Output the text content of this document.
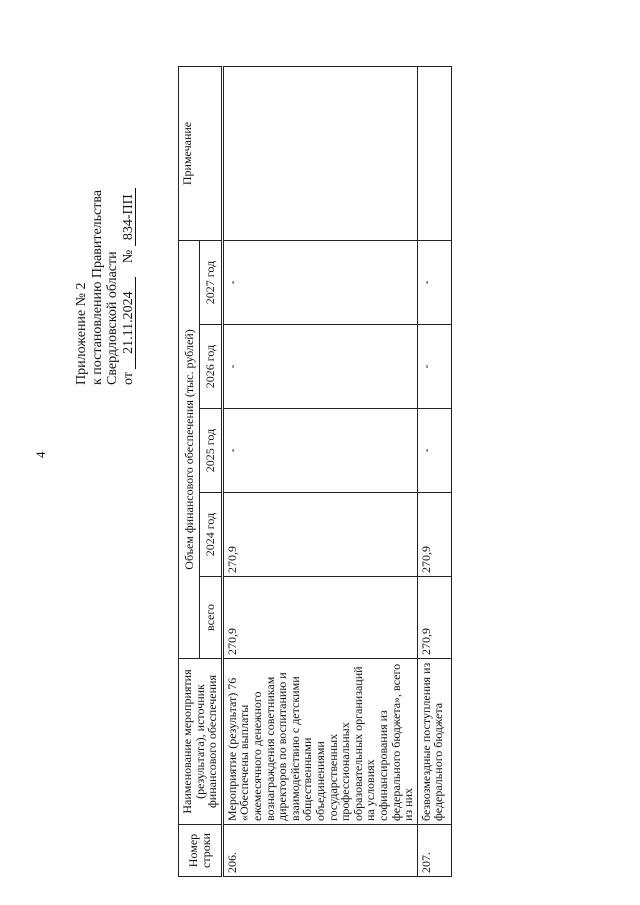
4
Приложение № 2 к постановлению Правительства Свердловской области от 21.11.2024 № 834-ПП
Номер строки	Наименование мероприятия (результата), источник финансового обеспечения	Объем финансового обеспечения (тыс. рублей)					Примечание
		всего	2024 год	2025 год	2026 год	2027 год	
206.	Мероприятие (результат) 76 «Обеспечены выплаты ежемесячного денежного вознаграждения советникам директоров по воспитанию и взаимодействию с детскими общественными объединениями государственных профессиональных образовательных организаций на условиях софинансирования из федерального бюджета», всего из них	270,9	270,9	-	-	-	
207.	безвозмездные поступления из федерального бюджета	270,9	270,9	-	-	-	
